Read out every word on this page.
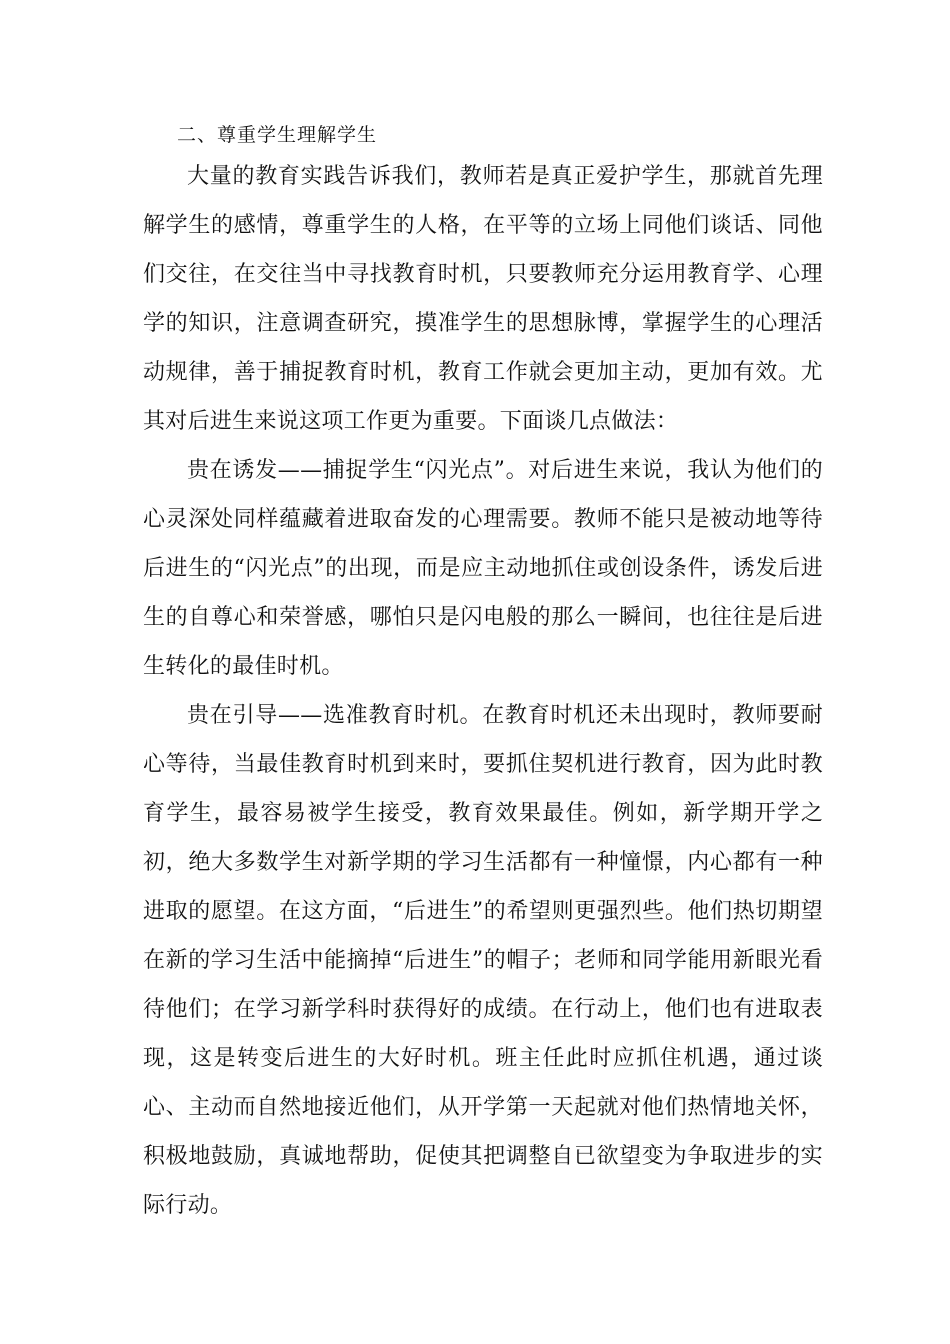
二、尊重学生理解学生

大量的教育实践告诉我们，教师若是真正爱护学生，那就首先理解学生的感情，尊重学生的人格，在平等的立场上同他们谈话、同他们交往，在交往当中寻找教育时机，只要教师充分运用教育学、心理学的知识，注意调查研究，摸准学生的思想脉博，掌握学生的心理活动规律，善于捕捉教育时机，教育工作就会更加主动，更加有效。尤其对后进生来说这项工作更为重要。下面谈几点做法：

贵在诱发——捕捉学生“闪光点”。对后进生来说，我认为他们的心灵深处同样蕴藏着进取奋发的心理需要。教师不能只是被动地等待后进生的“闪光点”的出现，而是应主动地抓住或创设条件，诱发后进生的自尊心和荣誉感，哪怕只是闪电般的那么一瞬间，也往往是后进生转化的最佳时机。

贵在引导——选准教育时机。在教育时机还未出现时，教师要耐心等待，当最佳教育时机到来时，要抓住契机进行教育，因为此时教育学生，最容易被学生接受，教育效果最佳。例如，新学期开学之初，绝大多数学生对新学期的学习生活都有一种憧憬，内心都有一种进取的愿望。在这方面，“后进生”的希望则更强烈些。他们热切期望在新的学习生活中能摘掉“后进生”的帽子；老师和同学能用新眼光看待他们；在学习新学科时获得好的成绩。在行动上，他们也有进取表现，这是转变后进生的大好时机。班主任此时应抓住机遇，通过谈心、主动而自然地接近他们，从开学第一天起就对他们热情地关怀，积极地鼓励，真诚地帮助，促使其把调整自已欲望变为争取进步的实际行动。
